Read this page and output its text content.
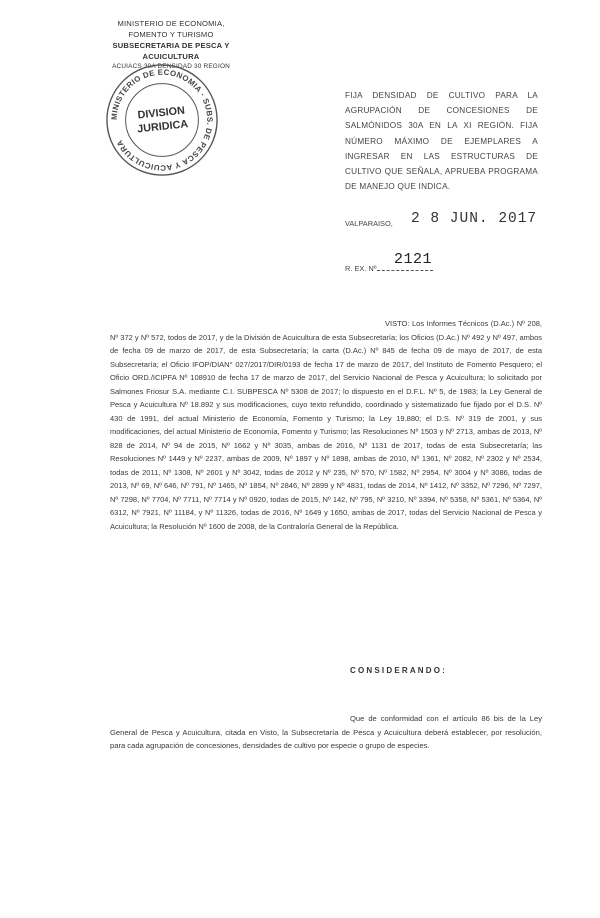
MINISTERIO DE ECONOMIA,
FOMENTO Y TURISMO
SUBSECRETARIA DE PESCA Y ACUICULTURA
ACUIACS 30A DENSIDAD 30 REGION
MINISTERIO DE ECONOMIA · SUBS. DE PESCA Y ACUICULTURA
DIVISION
JURIDICA
FIJA DENSIDAD DE CULTIVO PARA LA AGRUPACIÓN DE CONCESIONES DE SALMÓNIDOS 30A EN LA XI REGIÓN. FIJA NÚMERO MÁXIMO DE EJEMPLARES A INGRESAR EN LAS ESTRUCTURAS DE CULTIVO QUE SEÑALA, APRUEBA PROGRAMA DE MANEJO QUE INDICA.
VALPARAISO, 2 8 JUN. 2017
R. EX. Nº
2121
VISTO: Los Informes Técnicos (D.Ac.) Nº 208, Nº 372 y Nº 572, todos de 2017, y de la División de Acuicultura de esta Subsecretaría; los Oficios (D.Ac.) Nº 492 y Nº 497, ambos de fecha 09 de marzo de 2017, de esta Subsecretaría; la carta (D.Ac.) Nº 845 de fecha 09 de mayo de 2017, de esta Subsecretaría; el Oficio IFOP/DIAN° 027/2017/DIR/0193 de fecha 17 de marzo de 2017, del Instituto de Fomento Pesquero; el Oficio ORD./ICIPFA Nº 108910 de fecha 17 de marzo de 2017, del Servicio Nacional de Pesca y Acuicultura; lo solicitado por Salmones Friosur S.A. mediante C.I. SUBPESCA Nº 5308 de 2017; lo dispuesto en el D.F.L. Nº 5, de 1983; la Ley General de Pesca y Acuicultura Nº 18.892 y sus modificaciones, cuyo texto refundido, coordinado y sistematizado fue fijado por el D.S. Nº 430 de 1991, del actual Ministerio de Economía, Fomento y Turismo; la Ley 19.880; el D.S. Nº 319 de 2001, y sus modificaciones, del actual Ministerio de Economía, Fomento y Turismo; las Resoluciones Nº 1503 y Nº 2713, ambas de 2013, Nº 828 de 2014, Nº 94 de 2015, Nº 1662 y Nº 3035, ambas de 2016, Nº 1131 de 2017, todas de esta Subsecretaría; las Resoluciones Nº 1449 y Nº 2237, ambas de 2009, Nº 1897 y Nº 1898, ambas de 2010, Nº 1361, Nº 2082, Nº 2302 y Nº 2534, todas de 2011, Nº 1308, Nº 2601 y Nº 3042, todas de 2012 y Nº 235, Nº 570, Nº 1582, Nº 2954, Nº 3004 y Nº 3086, todas de 2013, Nº 69, Nº 646, Nº 791, Nº 1465, Nº 1854, Nº 2846, Nº 2899 y Nº 4831, todas de 2014, Nº 1412, Nº 3352, Nº 7296, Nº 7297, Nº 7298, Nº 7704, Nº 7711, Nº 7714 y Nº 0920, todas de 2015, Nº 142, Nº 795, Nº 3210, Nº 3394, Nº 5358, Nº 5361, Nº 5364, Nº 6312, Nº 7921, Nº 11184, y Nº 11326, todas de 2016, Nº 1649 y 1650, ambas de 2017, todas del Servicio Nacional de Pesca y Acuicultura; la Resolución Nº 1600 de 2008, de la Contraloría General de la República.
CONSIDERANDO:
Que de conformidad con el artículo 86 bis de la Ley General de Pesca y Acuicultura, citada en Visto, la Subsecretaría de Pesca y Acuicultura deberá establecer, por resolución, para cada agrupación de concesiones, densidades de cultivo por especie o grupo de especies.
